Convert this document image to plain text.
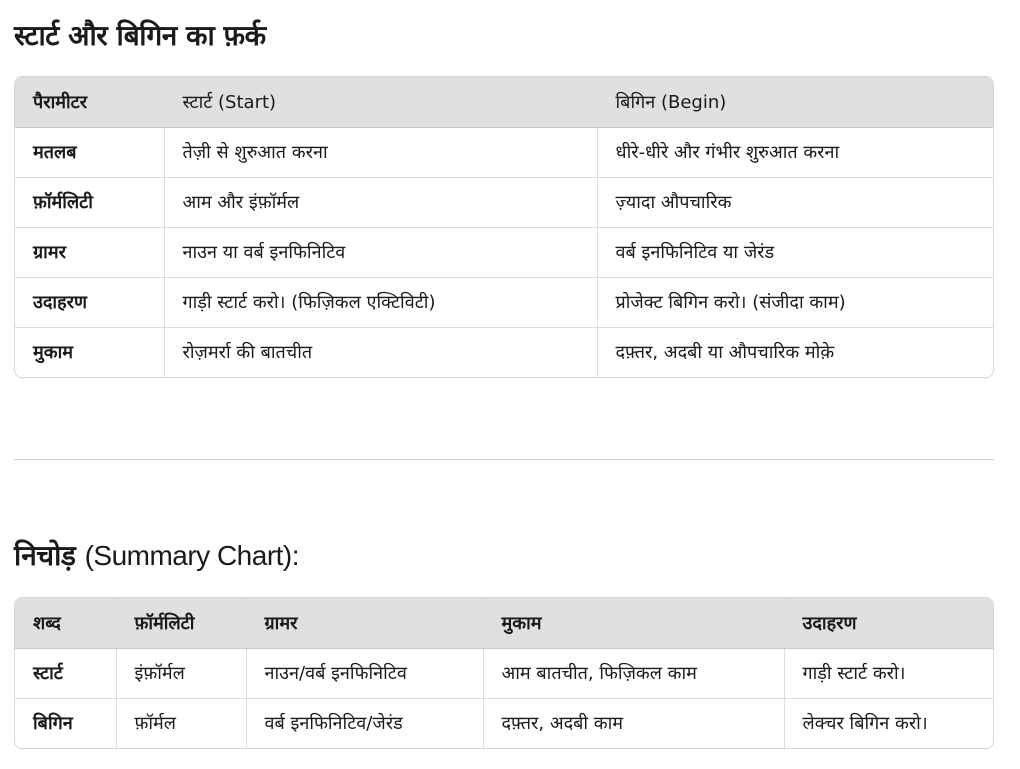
स्टार्ट और बिगिन का फ़र्क
पैरामीटर	स्टार्ट (Start)	बिगिन (Begin)
मतलब	तेज़ी से शुरुआत करना	धीरे-धीरे और गंभीर शुरुआत करना
फ़ॉर्मलिटी	आम और इंफ़ॉर्मल	ज़्यादा औपचारिक
ग्रामर	नाउन या वर्ब इनफिनिटिव	वर्ब इनफिनिटिव या जेरंड
उदाहरण	गाड़ी स्टार्ट करो। (फिज़िकल एक्टिविटी)	प्रोजेक्ट बिगिन करो। (संजीदा काम)
मुकाम	रोज़मर्रा की बातचीत	दफ़्तर, अदबी या औपचारिक मोक़े
निचोड़ (Summary Chart):
शब्द	फ़ॉर्मलिटी	ग्रामर	मुकाम	उदाहरण
स्टार्ट	इंफ़ॉर्मल	नाउन/वर्ब इनफिनिटिव	आम बातचीत, फिज़िकल काम	गाड़ी स्टार्ट करो।
बिगिन	फ़ॉर्मल	वर्ब इनफिनिटिव/जेरंड	दफ़्तर, अदबी काम	लेक्चर बिगिन करो।
